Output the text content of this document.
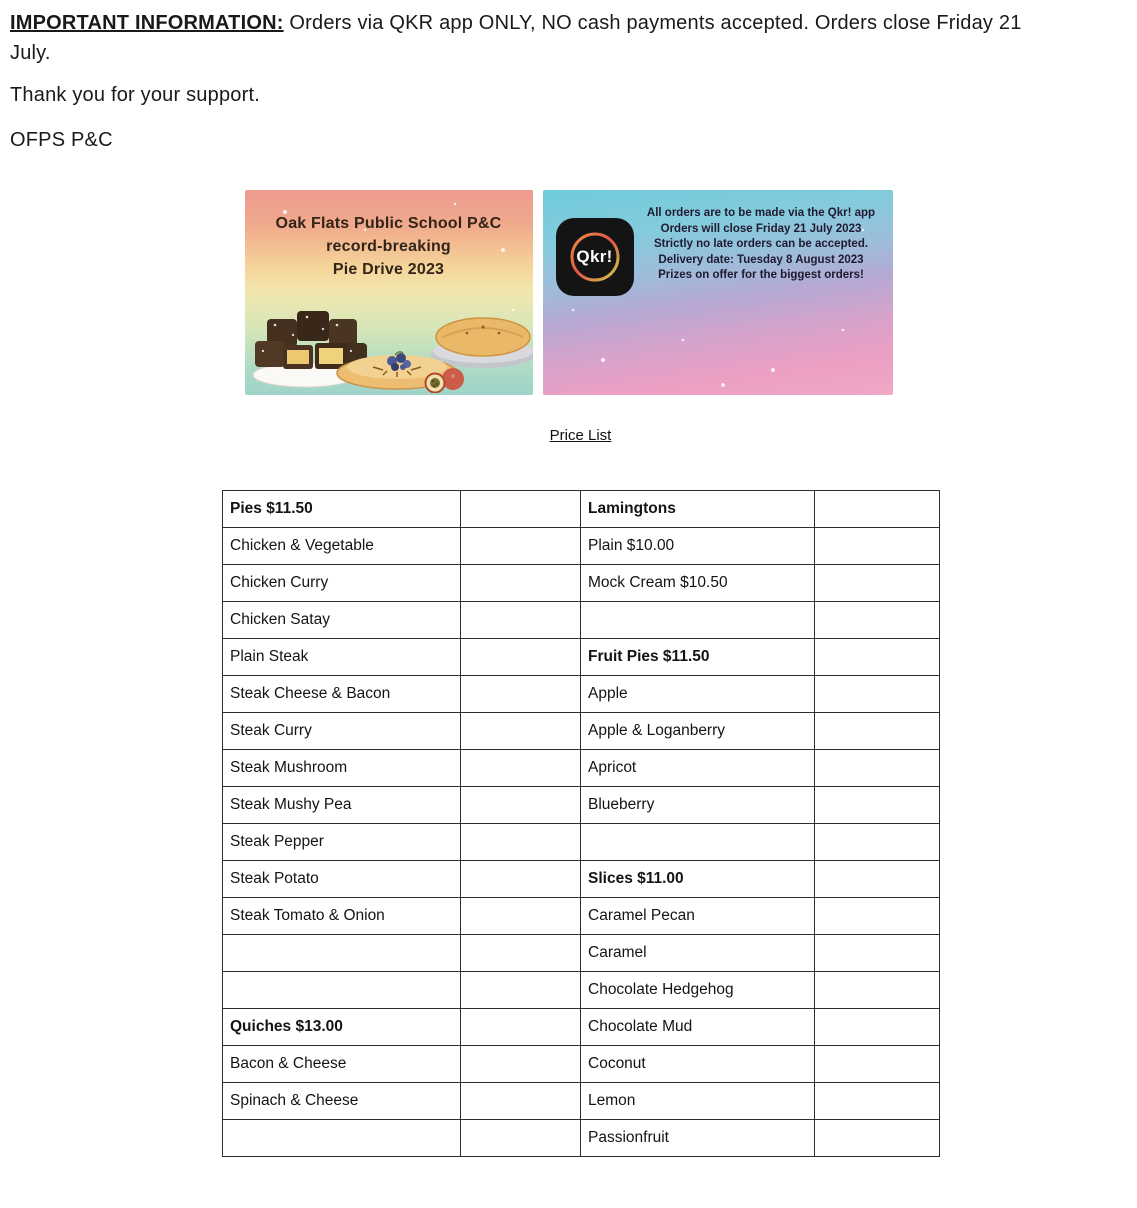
IMPORTANT INFORMATION: Orders via QKR app ONLY, NO cash payments accepted. Orders close Friday 21
July.
Thank you for your support.
OFPS P&C
Oak Flats Public School P&C
record-breaking
Pie Drive 2023
Qkr!
All orders are to be made via the Qkr! app
Orders will close Friday 21 July 2023
Strictly no late orders can be accepted.
Delivery date: Tuesday 8 August 2023
Prizes on offer for the biggest orders!
Price List
Pies $11.50		Lamingtons	
Chicken & Vegetable		Plain $10.00	
Chicken Curry		Mock Cream $10.50	
Chicken Satay			
Plain Steak		Fruit Pies $11.50	
Steak Cheese & Bacon		Apple	
Steak Curry		Apple & Loganberry	
Steak Mushroom		Apricot	
Steak Mushy Pea		Blueberry	
Steak Pepper			
Steak Potato		Slices $11.00	
Steak Tomato & Onion		Caramel Pecan	
		Caramel	
		Chocolate Hedgehog	
Quiches $13.00		Chocolate Mud	
Bacon & Cheese		Coconut	
Spinach & Cheese		Lemon	
		Passionfruit	
